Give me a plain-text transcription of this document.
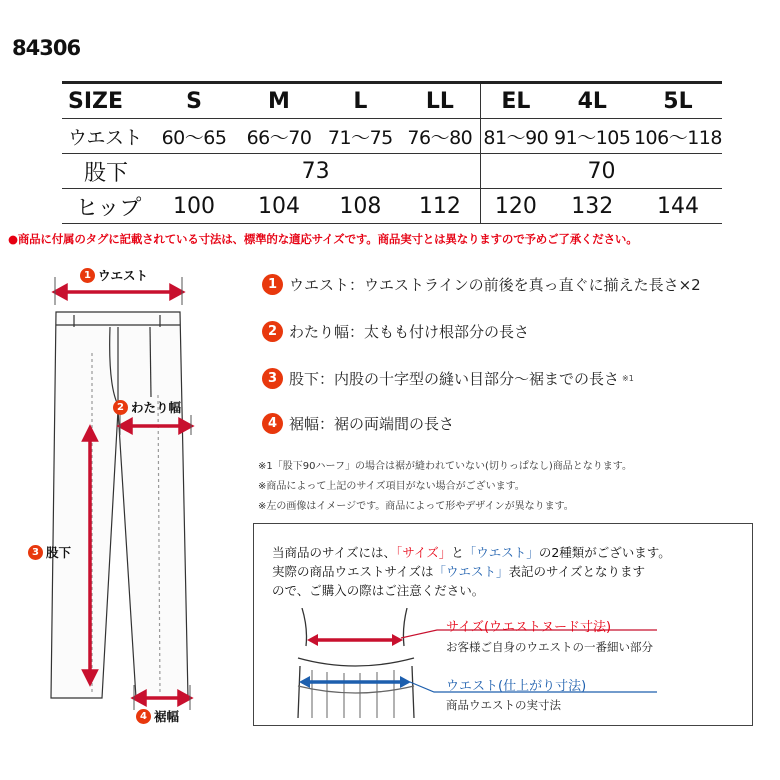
84306
SIZE	S	M	L	LL	EL	4L	5L
ウエスト	60～65	66～70	71～75	76～80	81～90	91～105	106～118
股下	73				70		
ヒップ	100	104	108	112	120	132	144
●商品に付属のタグに記載されている寸法は、標準的な適応サイズです。商品実寸とは異なりますので予めご了承ください。
1 ウエスト
2 わたり幅
3 股下
4 裾幅
1 ウエスト ： ウエストラインの前後を真っ直ぐに揃えた長さ×2
2 わたり幅 ： 太もも付け根部分の長さ
3 股下 ： 内股の十字型の縫い目部分～裾までの長さ ※1
4 裾幅 ： 裾の両端間の長さ
※1「股下90ハーフ」の場合は裾が縫われていない(切りっぱなし)商品となります。
※商品によって上記のサイズ項目がない場合がございます。
※左の画像はイメージです。商品によって形やデザインが異なります。
当商品のサイズには、「サイズ」と「ウエスト」の2種類がございます。
実際の商品ウエストサイズは「ウエスト」表記のサイズとなります
ので、ご購入の際はご注意ください。
サイズ(ウエストヌード寸法)
お客様ご自身のウエストの一番細い部分
ウエスト(仕上がり寸法)
商品ウエストの実寸法
